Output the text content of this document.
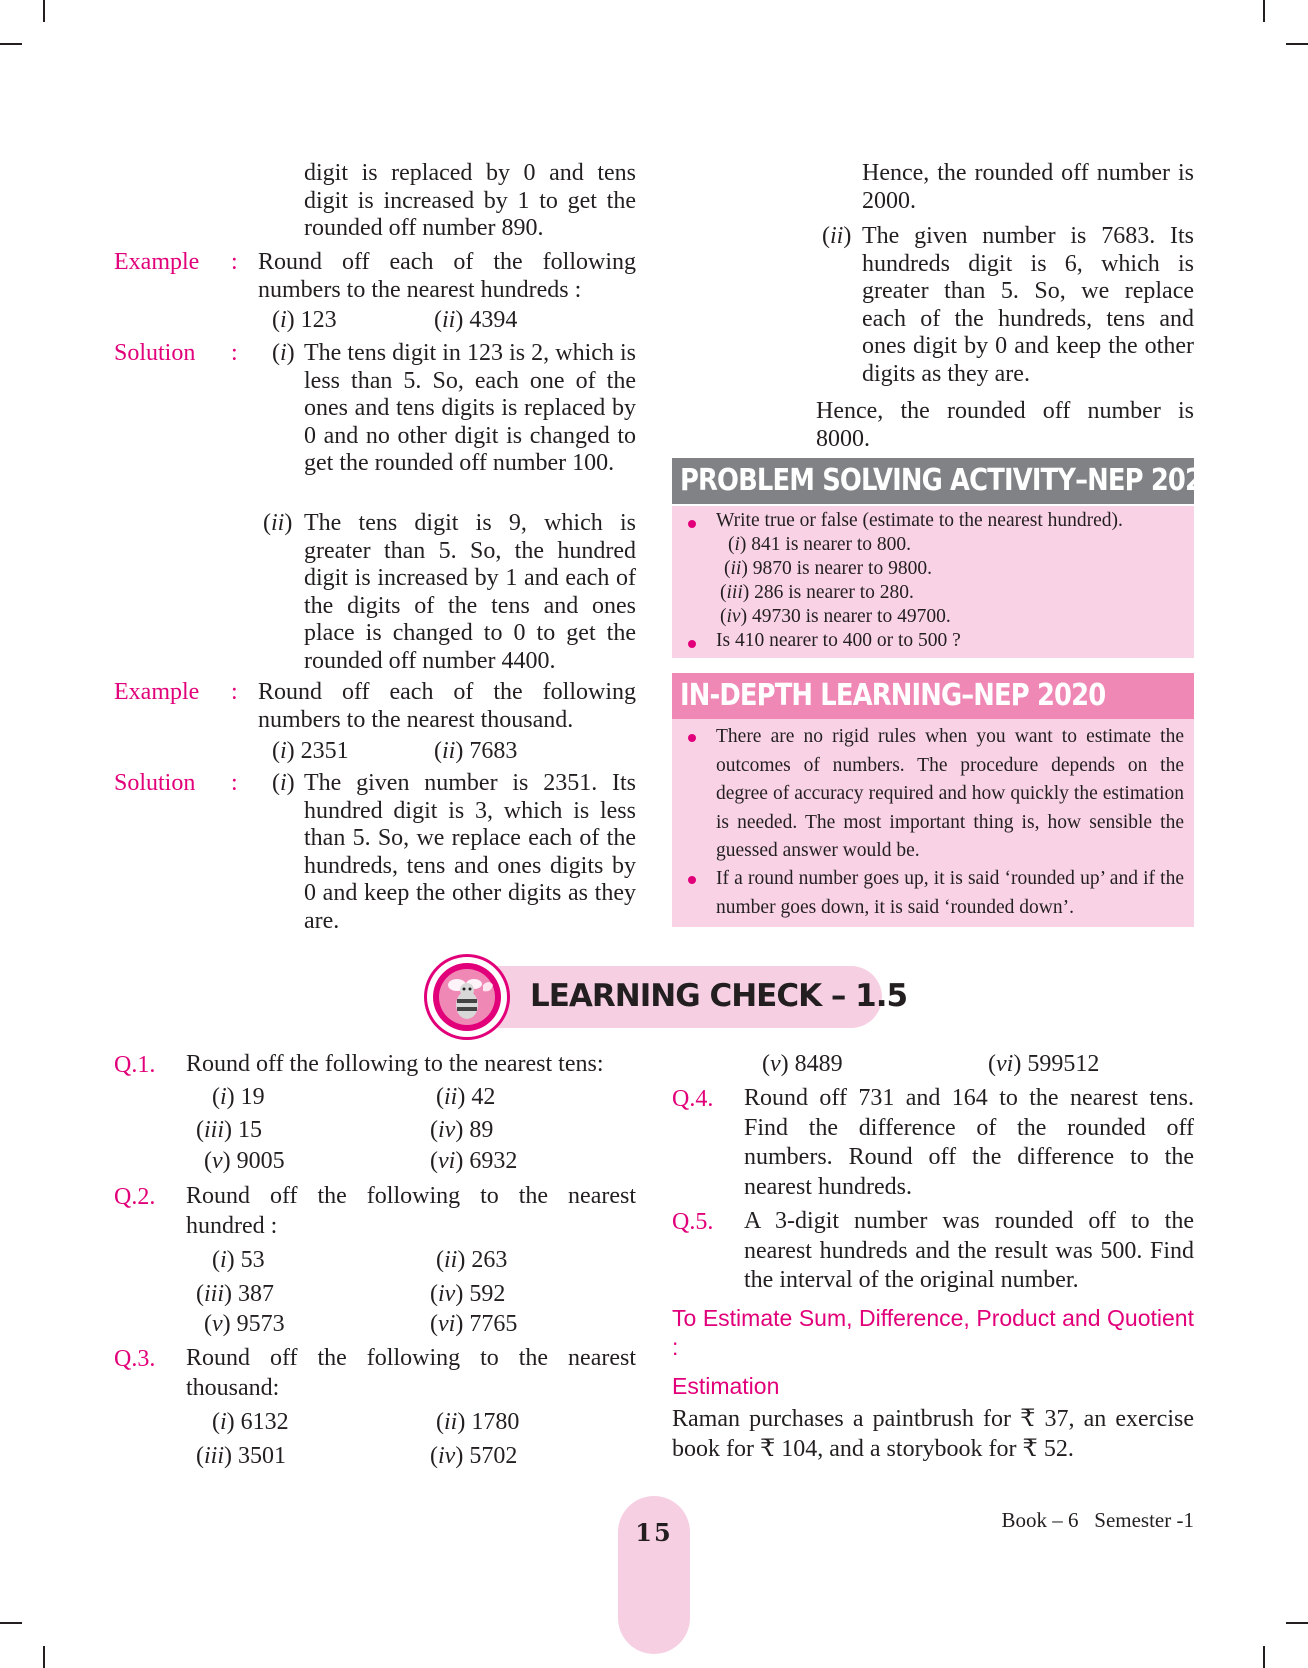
digit is replaced by 0 and tens digit is increased by 1 to get the rounded off number 890.
Example : Round off each of the following numbers to the nearest hundreds :
(i) 123	(ii) 4394
Solution : (i) The tens digit in 123 is 2, which is less than 5. So, each one of the ones and tens digits is replaced by 0 and no other digit is changed to get the rounded off number 100.
(ii) The tens digit is 9, which is greater than 5. So, the hundred digit is increased by 1 and each of the digits of the tens and ones place is changed to 0 to get the rounded off number 4400.
Example : Round off each of the following numbers to the nearest thousand.
(i) 2351	(ii) 7683
Solution : (i) The given number is 2351. Its hundred digit is 3, which is less than 5. So, we replace each of the hundreds, tens and ones digits by 0 and keep the other digits as they are.
Hence, the rounded off number is 2000.
(ii) The given number is 7683. Its hundreds digit is 6, which is greater than 5. So, we replace each of the hundreds, tens and ones digit by 0 and keep the other digits as they are.
Hence, the rounded off number is 8000.
PROBLEM SOLVING ACTIVITY–NEP 2020
Write true or false (estimate to the nearest hundred).
(i) 841 is nearer to 800.
(ii) 9870 is nearer to 9800.
(iii) 286 is nearer to 280.
(iv) 49730 is nearer to 49700.
Is 410 nearer to 400 or to 500 ?
IN-DEPTH LEARNING–NEP 2020
There are no rigid rules when you want to estimate the outcomes of numbers. The procedure depends on the degree of accuracy required and how quickly the estimation is needed. The most important thing is, how sensible the guessed answer would be.
If a round number goes up, it is said ‘rounded up’ and if the number goes down, it is said ‘rounded down’.
LEARNING CHECK – 1.5
Q.1. Round off the following to the nearest tens:
(i) 19	(ii) 42
(iii) 15	(iv) 89
(v) 9005	(vi) 6932
Q.2. Round off the following to the nearest hundred :
(i) 53	(ii) 263
(iii) 387	(iv) 592
(v) 9573	(vi) 7765
Q.3. Round off the following to the nearest thousand:
(i) 6132	(ii) 1780
(iii) 3501	(iv) 5702
(v) 8489	(vi) 599512
Q.4. Round off 731 and 164 to the nearest tens. Find the difference of the rounded off numbers. Round off the difference to the nearest hundreds.
Q.5. A 3-digit number was rounded off to the nearest hundreds and the result was 500. Find the interval of the original number.
To Estimate Sum, Difference, Product and Quotient :
Estimation
Raman purchases a paintbrush for ₹ 37, an exercise book for ₹ 104, and a storybook for ₹ 52.
15	Book – 6   Semester -1
